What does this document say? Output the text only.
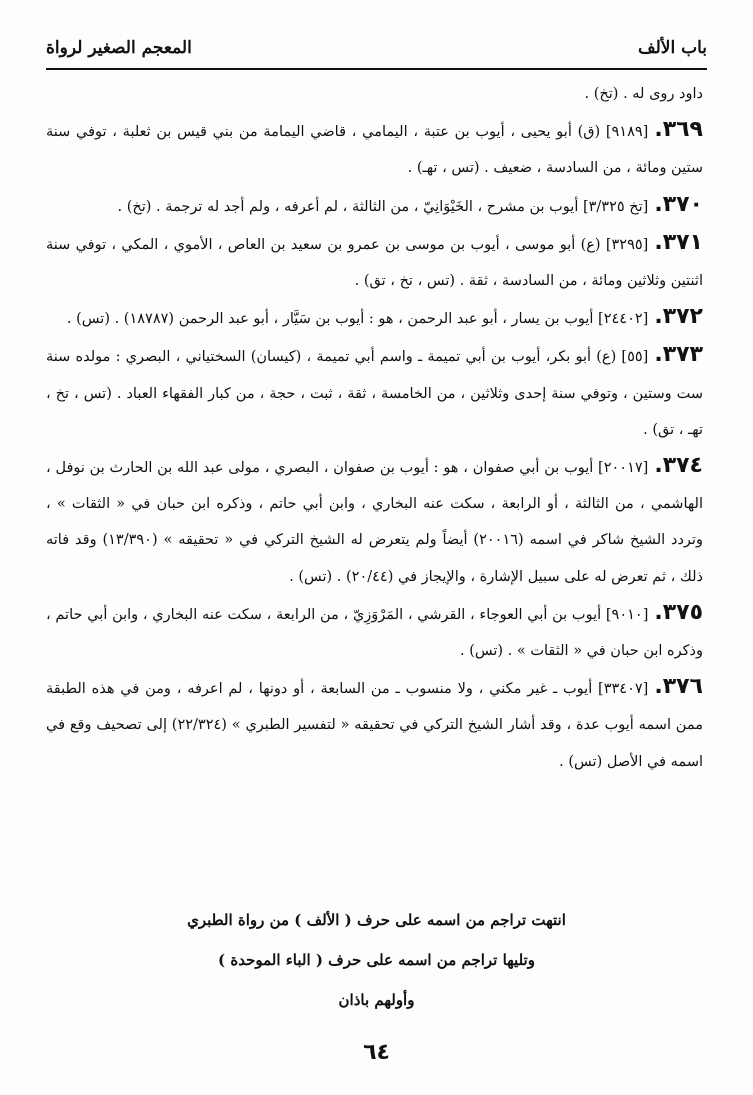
باب الألف
المعجم الصغير لرواة

داود روى له . (تخ) .

٣٦٩.[٩١٨٩] (ق) أبو يحيى ، أيوب بن عتبة ، اليمامي ، قاضي اليمامة من بني قيس بن ثعلبة ، توفي سنة ستين ومائة ، من السادسة ، ضعيف . (تس ، تهـ) .

٣٧٠.[تخ ٣/٣٢٥] أيوب بن مشرح ، الخَيْوَانِيّ ، من الثالثة ، لم أعرفه ، ولم أجد له ترجمة . (تخ) .

٣٧١.[٣٢٩٥] (ع) أبو موسى ، أيوب بن موسى بن عمرو بن سعيد بن العاص ، الأموي ، المكي ، توفي سنة اثنتين وثلاثين ومائة ، من السادسة ، ثقة . (تس ، تخ ، تق) .

٣٧٢.[٢٤٤٠٢] أيوب بن يسار ، أبو عبد الرحمن ، هو : أيوب بن سَيَّار ، أبو عبد الرحمن (١٨٧٨٧) . (تس) .

٣٧٣.[٥٥] (ع) أبو بكر، أيوب بن أبي تميمة ـ واسم أبي تميمة ، (كيسان) السختياني ، البصري : مولده سنة ست وستين ، وتوفي سنة إحدى وثلاثين ، من الخامسة ، ثقة ، ثبت ، حجة ، من كبار الفقهاء العباد . (تس ، تخ ، تهـ ، تق) .

٣٧٤.[٢٠٠١٧] أيوب بن أبي صفوان ، هو : أيوب بن صفوان ، البصري ، مولى عبد الله بن الحارث بن نوفل ، الهاشمي ، من الثالثة ، أو الرابعة ، سكت عنه البخاري ، وابن أبي حاتم ، وذكره ابن حبان في « الثقات » ، وتردد الشيخ شاكر في اسمه (٢٠٠١٦) أيضاً ولم يتعرض له الشيخ التركي في « تحقيقه » (١٣/٣٩٠) وقد فاته ذلك ، ثم تعرض له على سبيل الإشارة ، والإيجاز في (٢٠/٤٤) . (تس) .

٣٧٥.[٩٠١٠] أيوب بن أبي العوجاء ، القرشي ، المَرْوَزِيّ ، من الرابعة ، سكت عنه البخاري ، وابن أبي حاتم ، وذكره ابن حبان في « الثقات » . (تس) .

٣٧٦.[٣٣٤٠٧] أيوب ـ غير مكني ، ولا منسوب ـ من السابعة ، أو دونها ، لم اعرفه ، ومن في هذه الطبقة ممن اسمه أيوب عدة ، وقد أشار الشيخ التركي في تحقيقه « لتفسير الطبري » (٢٢/٣٢٤) إلى تصحيف وقع في اسمه في الأصل (تس) .

انتهت تراجم من اسمه على حرف ( الألف ) من رواة الطبري
وتليها تراجم من اسمه على حرف ( الباء الموحدة )
وأولهم باذان
٦٤
